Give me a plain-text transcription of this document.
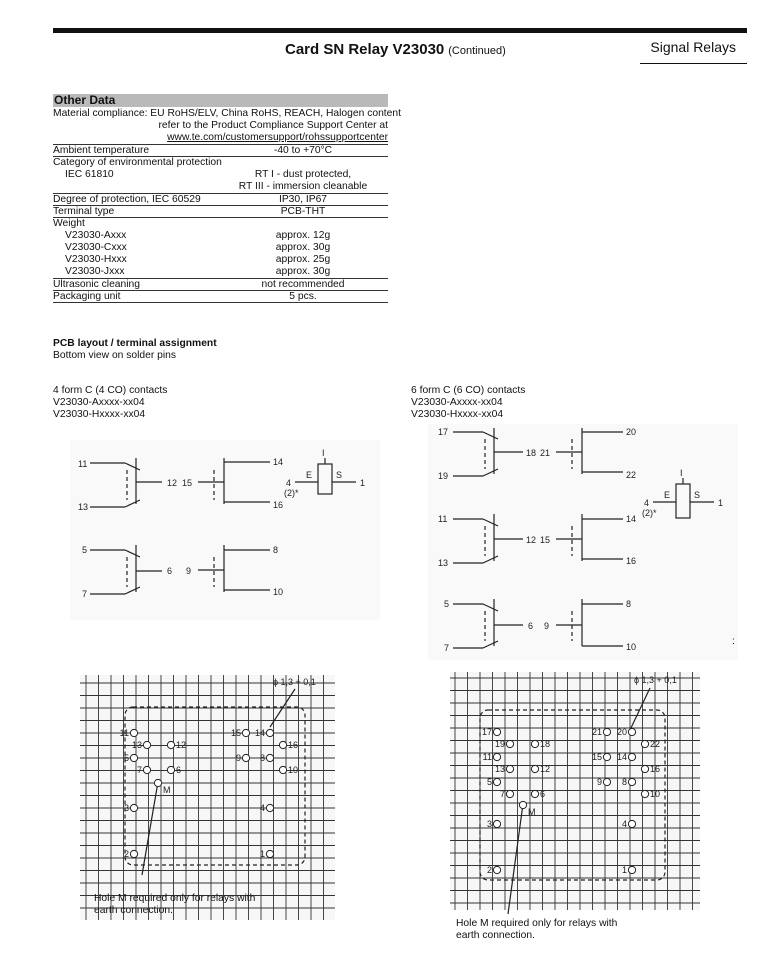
Card SN Relay V23030 (Continued)	Signal Relays
Other Data
Material compliance: EU RoHS/ELV, China RoHS, REACH, Halogen content
refer to the Product Compliance Support Center at
www.te.com/customersupport/rohssupportcenter
Ambient temperature	-40 to +70°C
Category of environmental protection
IEC 61810	RT I - dust protected,
RT III - immersion cleanable
Degree of protection, IEC 60529	IP30, IP67
Terminal type	PCB-THT
Weight
V23030-Axxx	approx. 12g
V23030-Cxxx	approx. 30g
V23030-Hxxx	approx. 25g
V23030-Jxxx	approx. 30g
Ultrasonic cleaning	not recommended
Packaging unit	5 pcs.
PCB layout / terminal assignment
Bottom view on solder pins
4 form C (4 CO) contacts
V23030-Axxxx-xx04
V23030-Hxxxx-xx04
6 form C (6 CO) contacts
V23030-Axxxx-xx04
V23030-Hxxxx-xx04
11
12
13
15
14
16
4
(2)*
1
E	S
I
5
6
7
9
8
10
17
18
19
21
20
22
4
(2)*
1
E	S
I
11
12
13
15
14
16
5
6
7
9
8
10	:
ϕ 1,3 + 0,1
11
13	12
5
7	6
M
15 14
16
9 8
10
3	4
2	1
Hole M required only for relays with
earth connection.
ϕ 1,3 + 0,1
17
19	18
11
13	12
5
7	6
M
21 20
22
15 14
16
9 8
10
3	4
2	1
Hole M required only for relays with
earth connection.
